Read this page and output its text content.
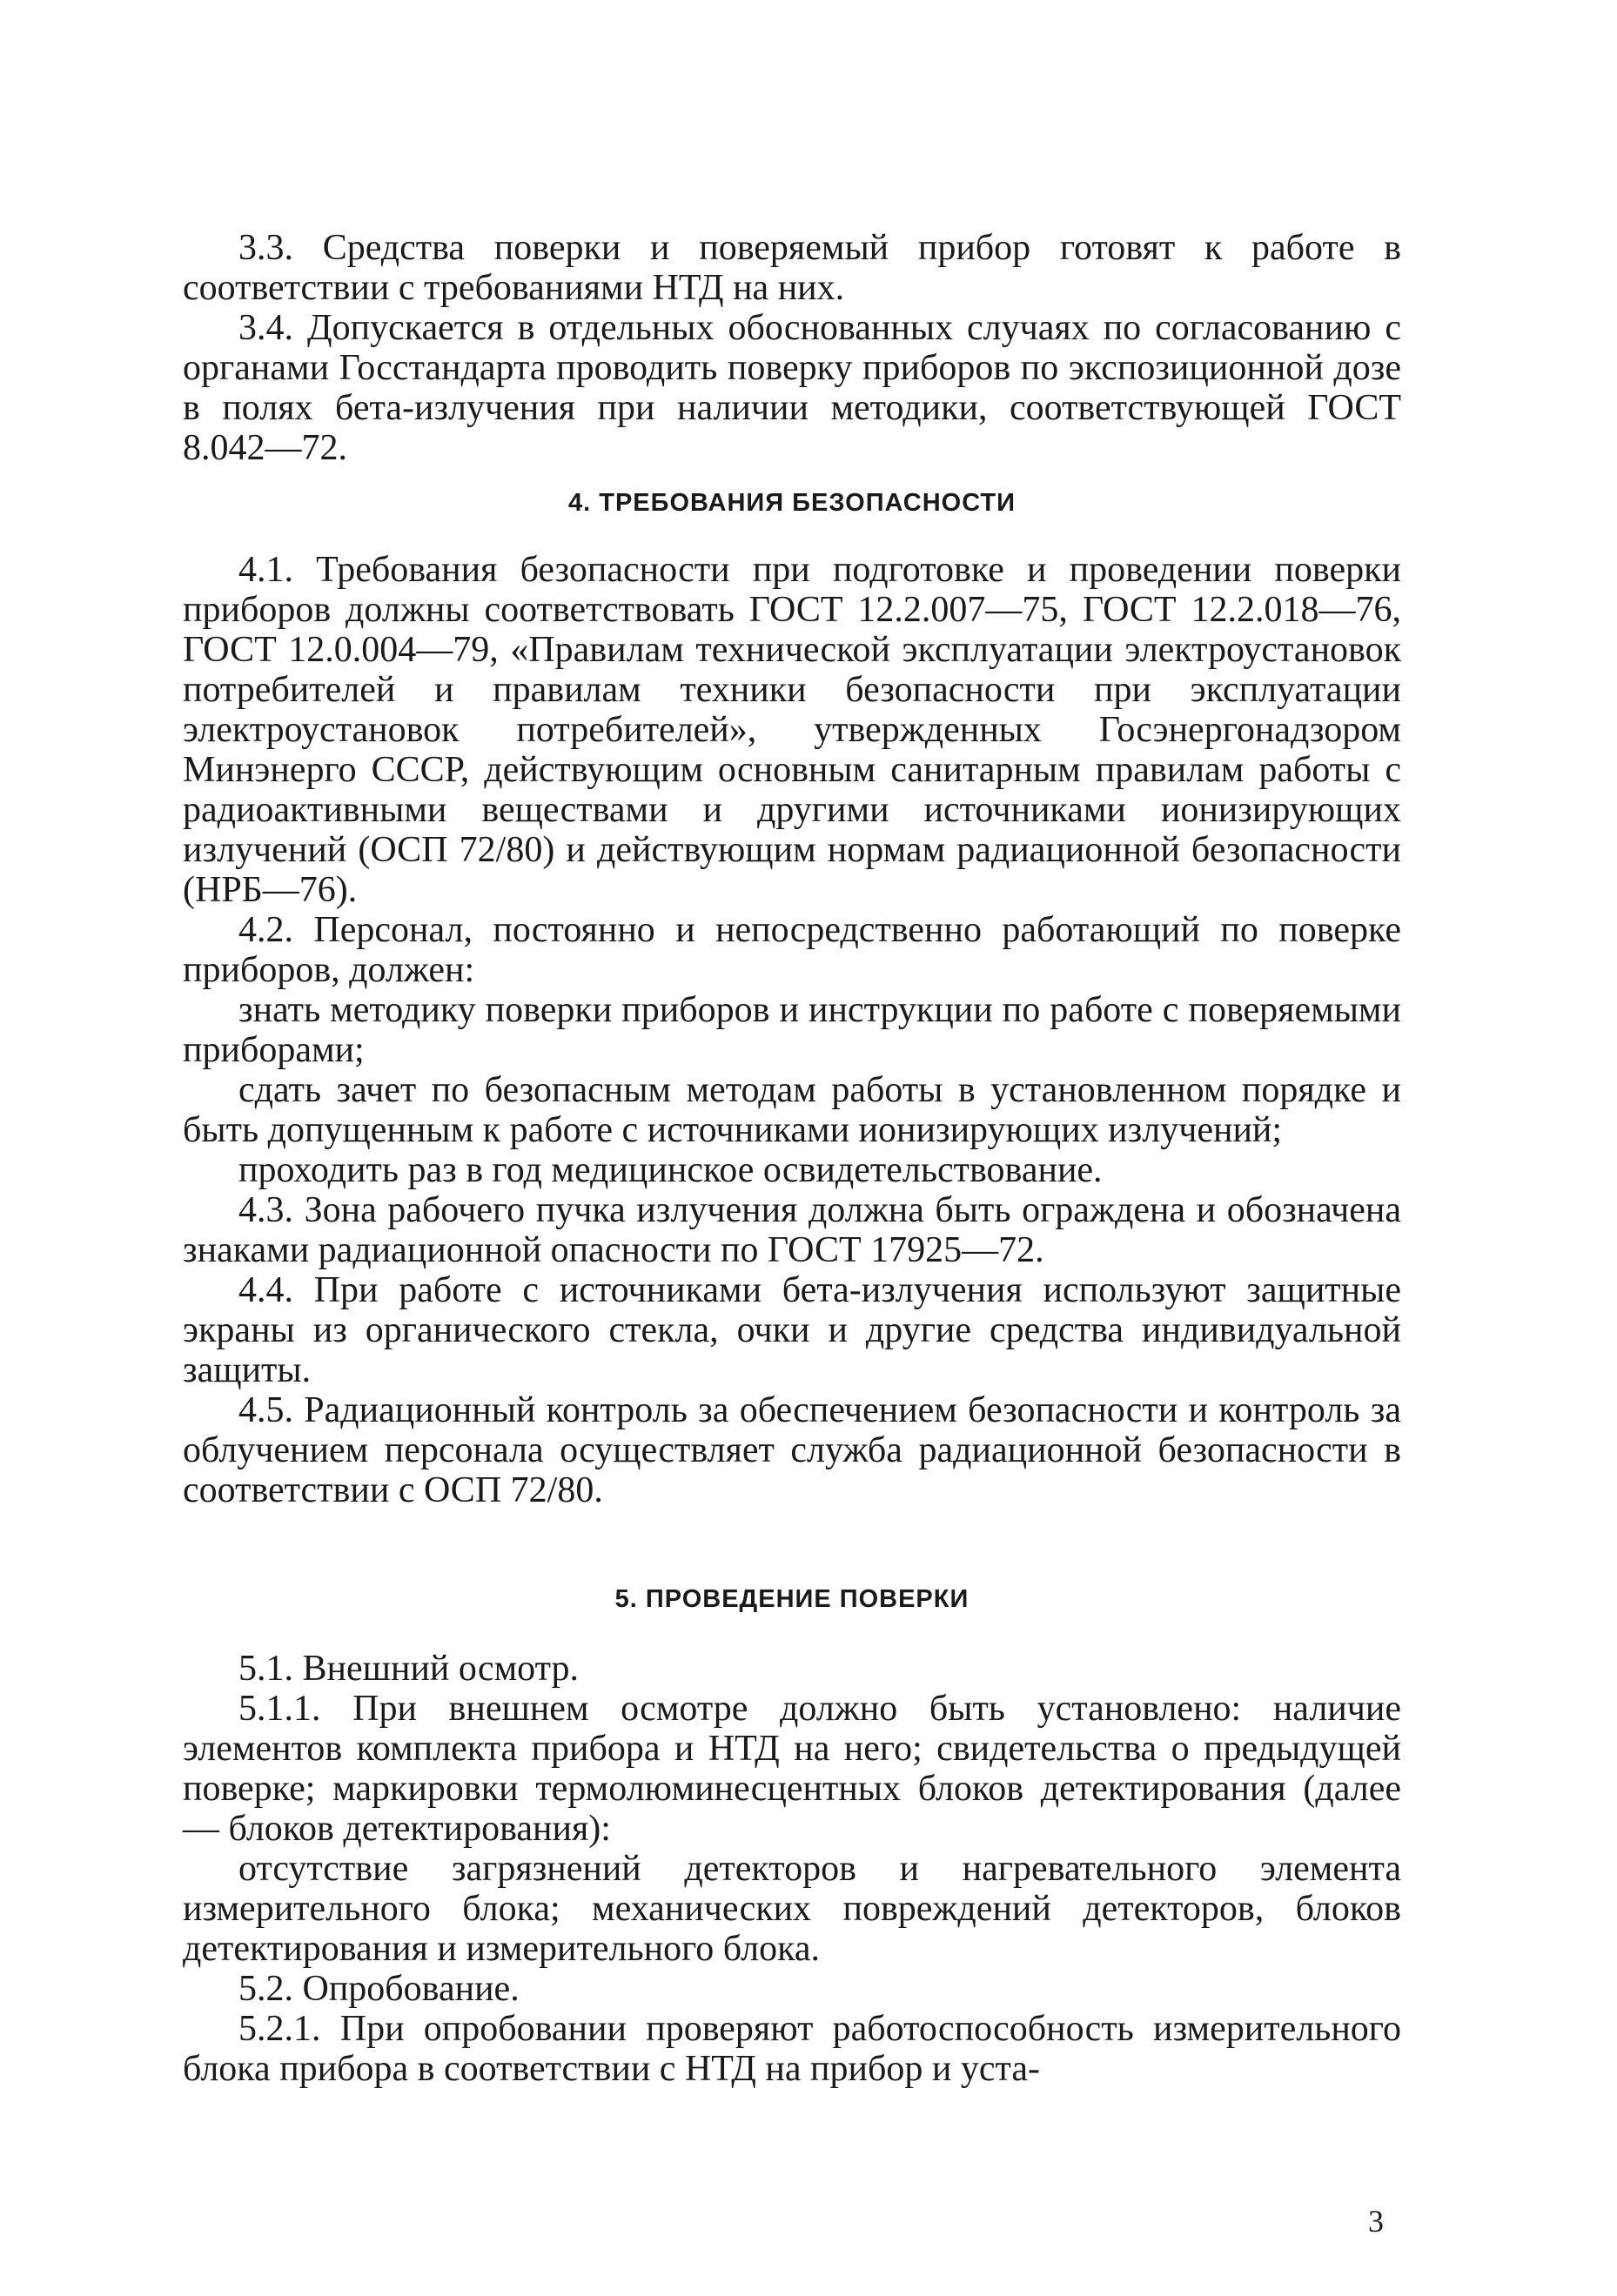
3.3. Средства поверки и поверяемый прибор готовят к работе в соответствии с требованиями НТД на них.

3.4. Допускается в отдельных обоснованных случаях по согласованию с органами Госстандарта проводить поверку приборов по экспозиционной дозе в полях бета-излучения при наличии методики, соответствующей ГОСТ 8.042—72.

4. ТРЕБОВАНИЯ БЕЗОПАСНОСТИ

4.1. Требования безопасности при подготовке и проведении поверки приборов должны соответствовать ГОСТ 12.2.007—75, ГОСТ 12.2.018—76, ГОСТ 12.0.004—79, «Правилам технической эксплуатации электроустановок потребителей и правилам техники безопасности при эксплуатации электроустановок потребителей», утвержденных Госэнергонадзором Минэнерго СССР, действующим основным санитарным правилам работы с радиоактивными веществами и другими источниками ионизирующих излучений (ОСП 72/80) и действующим нормам радиационной безопасности (НРБ—76).

4.2. Персонал, постоянно и непосредственно работающий по поверке приборов, должен:

знать методику поверки приборов и инструкции по работе с поверяемыми приборами;

сдать зачет по безопасным методам работы в установленном порядке и быть допущенным к работе с источниками ионизирующих излучений;

проходить раз в год медицинское освидетельствование.

4.3. Зона рабочего пучка излучения должна быть ограждена и обозначена знаками радиационной опасности по ГОСТ 17925—72.

4.4. При работе с источниками бета-излучения используют защитные экраны из органического стекла, очки и другие средства индивидуальной защиты.

4.5. Радиационный контроль за обеспечением безопасности и контроль за облучением персонала осуществляет служба радиационной безопасности в соответствии с ОСП 72/80.

5. ПРОВЕДЕНИЕ ПОВЕРКИ

5.1. Внешний осмотр.

5.1.1. При внешнем осмотре должно быть установлено: наличие элементов комплекта прибора и НТД на него; свидетельства о предыдущей поверке; маркировки термолюминесцентных блоков детектирования (далее — блоков детектирования):

отсутствие загрязнений детекторов и нагревательного элемента измерительного блока; механических повреждений детекторов, блоков детектирования и измерительного блока.

5.2. Опробование.

5.2.1. При опробовании проверяют работоспособность измерительного блока прибора в соответствии с НТД на прибор и уста-

3
